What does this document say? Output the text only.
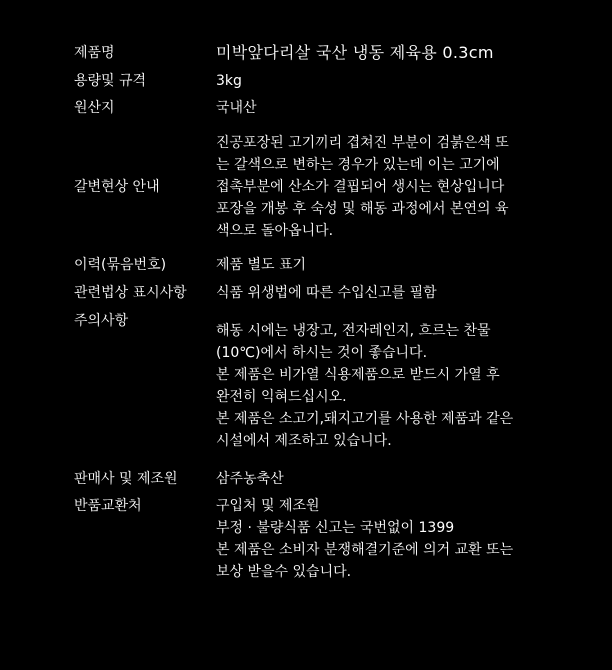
제품명	미박앞다리살 국산 냉동 제육용 0.3cm
용량및 규격	3kg
원산지	국내산
갈변현상 안내
진공포장된 고기끼리 겹쳐진 부분이 검붉은색 또
는 갈색으로 변하는 경우가 있는데 이는 고기에
접촉부분에 산소가 결핍되어 생시는 현상입니다
포장을 개봉 후 숙성 및 해동 과정에서 본연의 육
색으로 돌아옵니다.
이력(묶음번호)	제품 별도 표기
관련법상 표시사항	식품 위생법에 따른 수입신고를 필함
주의사항
해동 시에는 냉장고, 전자레인지, 흐르는 찬물
(10℃)에서 하시는 것이 좋습니다.
본 제품은 비가열 식용제품으로 받드시 가열 후
완전히 익혀드십시오.
본 제품은 소고기,돼지고기를 사용한 제품과 같은
시설에서 제조하고 있습니다.
판매사 및 제조원	삼주농축산
반품교환처	구입처 및 제조원
부정 · 불량식품 신고는 국번없이 1399
본 제품은 소비자 분쟁해결기준에 의거 교환 또는
보상 받을수 있습니다.
